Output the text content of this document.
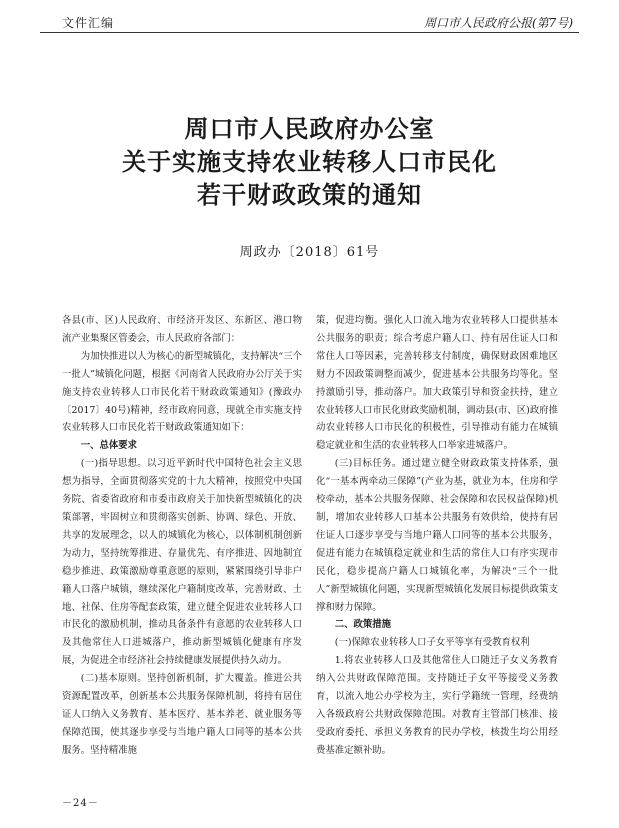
文件汇编	周口市人民政府公报(第7号)
周口市人民政府办公室
关于实施支持农业转移人口市民化
若干财政政策的通知
周政办〔2018〕61号

各县(市、区)人民政府、市经济开发区、东新区、港口物流产业集聚区管委会，市人民政府各部门：

为加快推进以人为核心的新型城镇化，支持解决“三个一批人”城镇化问题，根据《河南省人民政府办公厅关于实施支持农业转移人口市民化若干财政政策通知》(豫政办〔2017〕40号)精神，经市政府同意，现就全市实施支持农业转移人口市民化若干财政政策通知如下：

一、总体要求

(一)指导思想。以习近平新时代中国特色社会主义思想为指导，全面贯彻落实党的十九大精神，按照党中央国务院、省委省政府和市委市政府关于加快新型城镇化的决策部署，牢固树立和贯彻落实创新、协调、绿色、开放、共享的发展理念，以人的城镇化为核心，以体制机制创新为动力，坚持统筹推进、存量优先、有序推进、因地制宜稳步推进、政策激励尊重意愿的原则，紧紧围绕引导非户籍人口落户城镇，继续深化户籍制度改革，完善财政、土地、社保、住房等配套政策，建立健全促进农业转移人口市民化的激励机制，推动具备条件有意愿的农业转移人口及其他常住人口进城落户，推动新型城镇化健康有序发展，为促进全市经济社会持续健康发展提供持久动力。

(二)基本原则。坚持创新机制，扩大覆盖。推进公共资源配置改革，创新基本公共服务保障机制，将持有居住证人口纳入义务教育、基本医疗、基本养老、就业服务等保障范围，使其逐步享受与当地户籍人口同等的基本公共服务。坚持精准施

策，促进均衡。强化人口流入地为农业转移人口提供基本公共服务的职责；综合考虑户籍人口、持有居住证人口和常住人口等因素，完善转移支付制度，确保财政困难地区财力不因政策调整而减少，促进基本公共服务均等化。坚持激励引导，推动落户。加大政策引导和资金扶持，建立农业转移人口市民化财政奖励机制，调动县(市、区)政府推动农业转移人口市民化的积极性，引导推动有能力在城镇稳定就业和生活的农业转移人口举家进城落户。

(三)目标任务。通过建立健全财政政策支持体系，强化“一基本两牵动三保障”(产业为基，就业为本，住房和学校牵动，基本公共服务保障、社会保障和农民权益保障)机制，增加农业转移人口基本公共服务有效供给，使持有居住证人口逐步享受与当地户籍人口同等的基本公共服务，促进有能力在城镇稳定就业和生活的常住人口有序实现市民化，稳步提高户籍人口城镇化率，为解决“三个一批人”新型城镇化问题，实现新型城镇化发展目标提供政策支撑和财力保障。

二、政策措施

(一)保障农业转移人口子女平等享有受教育权利

1.将农业转移人口及其他常住人口随迁子女义务教育纳入公共财政保障范围。支持随迁子女平等接受义务教育，以流入地公办学校为主，实行学籍统一管理，经费纳入各级政府公共财政保障范围。对教育主管部门核准、接受政府委托、承担义务教育的民办学校，核拨生均公用经费基准定额补助。

－24－
